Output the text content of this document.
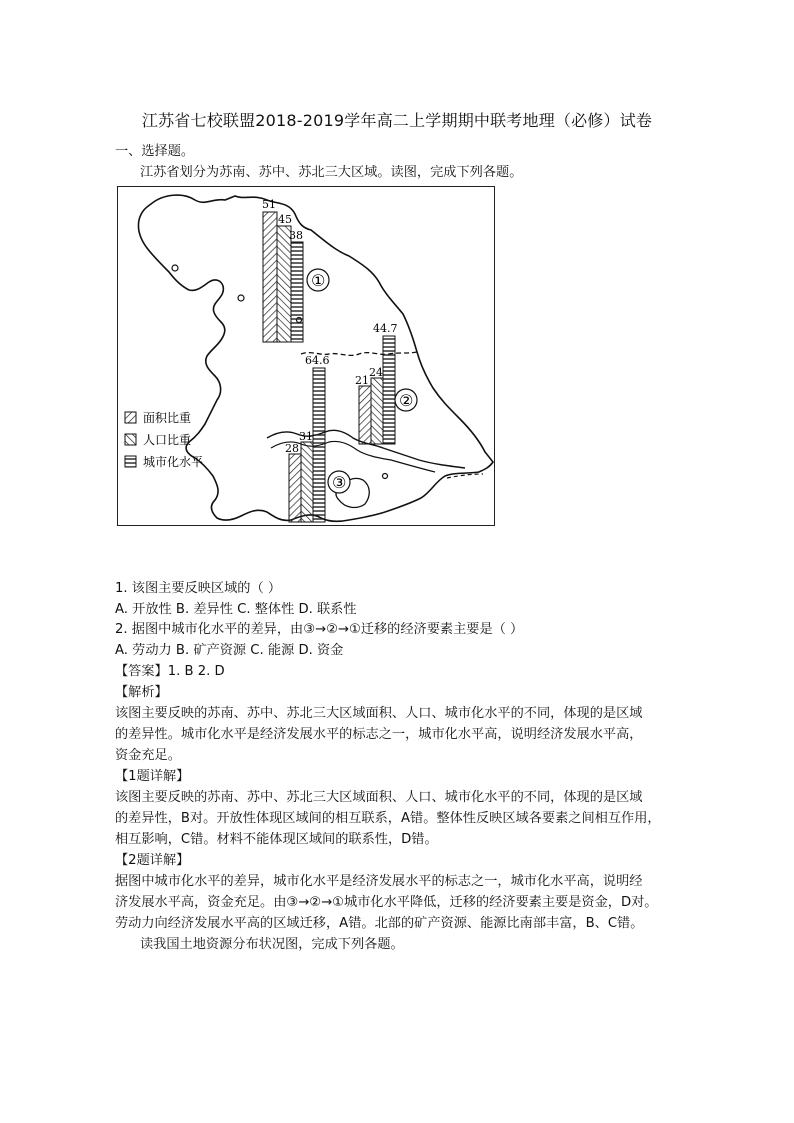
江苏省七校联盟2018-2019学年高二上学期期中联考地理（必修）试卷
一、选择题。
江苏省划分为苏南、苏中、苏北三大区域。读图，完成下列各题。
51
45
38
①
21
24
44.7
②
28
31
64.6
③
面积比重
人口比重
城市化水平
1. 该图主要反映区域的（ ）
A. 开放性 B. 差异性 C. 整体性 D. 联系性
2. 据图中城市化水平的差异，由③→②→①迁移的经济要素主要是（ ）
A. 劳动力 B. 矿产资源 C. 能源 D. 资金
【答案】1. B 2. D
【解析】
该图主要反映的苏南、苏中、苏北三大区域面积、人口、城市化水平的不同，体现的是区域
的差异性。城市化水平是经济发展水平的标志之一，城市化水平高，说明经济发展水平高，
资金充足。
【1题详解】
该图主要反映的苏南、苏中、苏北三大区域面积、人口、城市化水平的不同，体现的是区域
的差异性，B对。开放性体现区域间的相互联系，A错。整体性反映区域各要素之间相互作用，
相互影响，C错。材料不能体现区域间的联系性，D错。
【2题详解】
据图中城市化水平的差异，城市化水平是经济发展水平的标志之一，城市化水平高，说明经
济发展水平高，资金充足。由③→②→①城市化水平降低，迁移的经济要素主要是资金，D对。
劳动力向经济发展水平高的区域迁移，A错。北部的矿产资源、能源比南部丰富，B、C错。
读我国土地资源分布状况图，完成下列各题。
